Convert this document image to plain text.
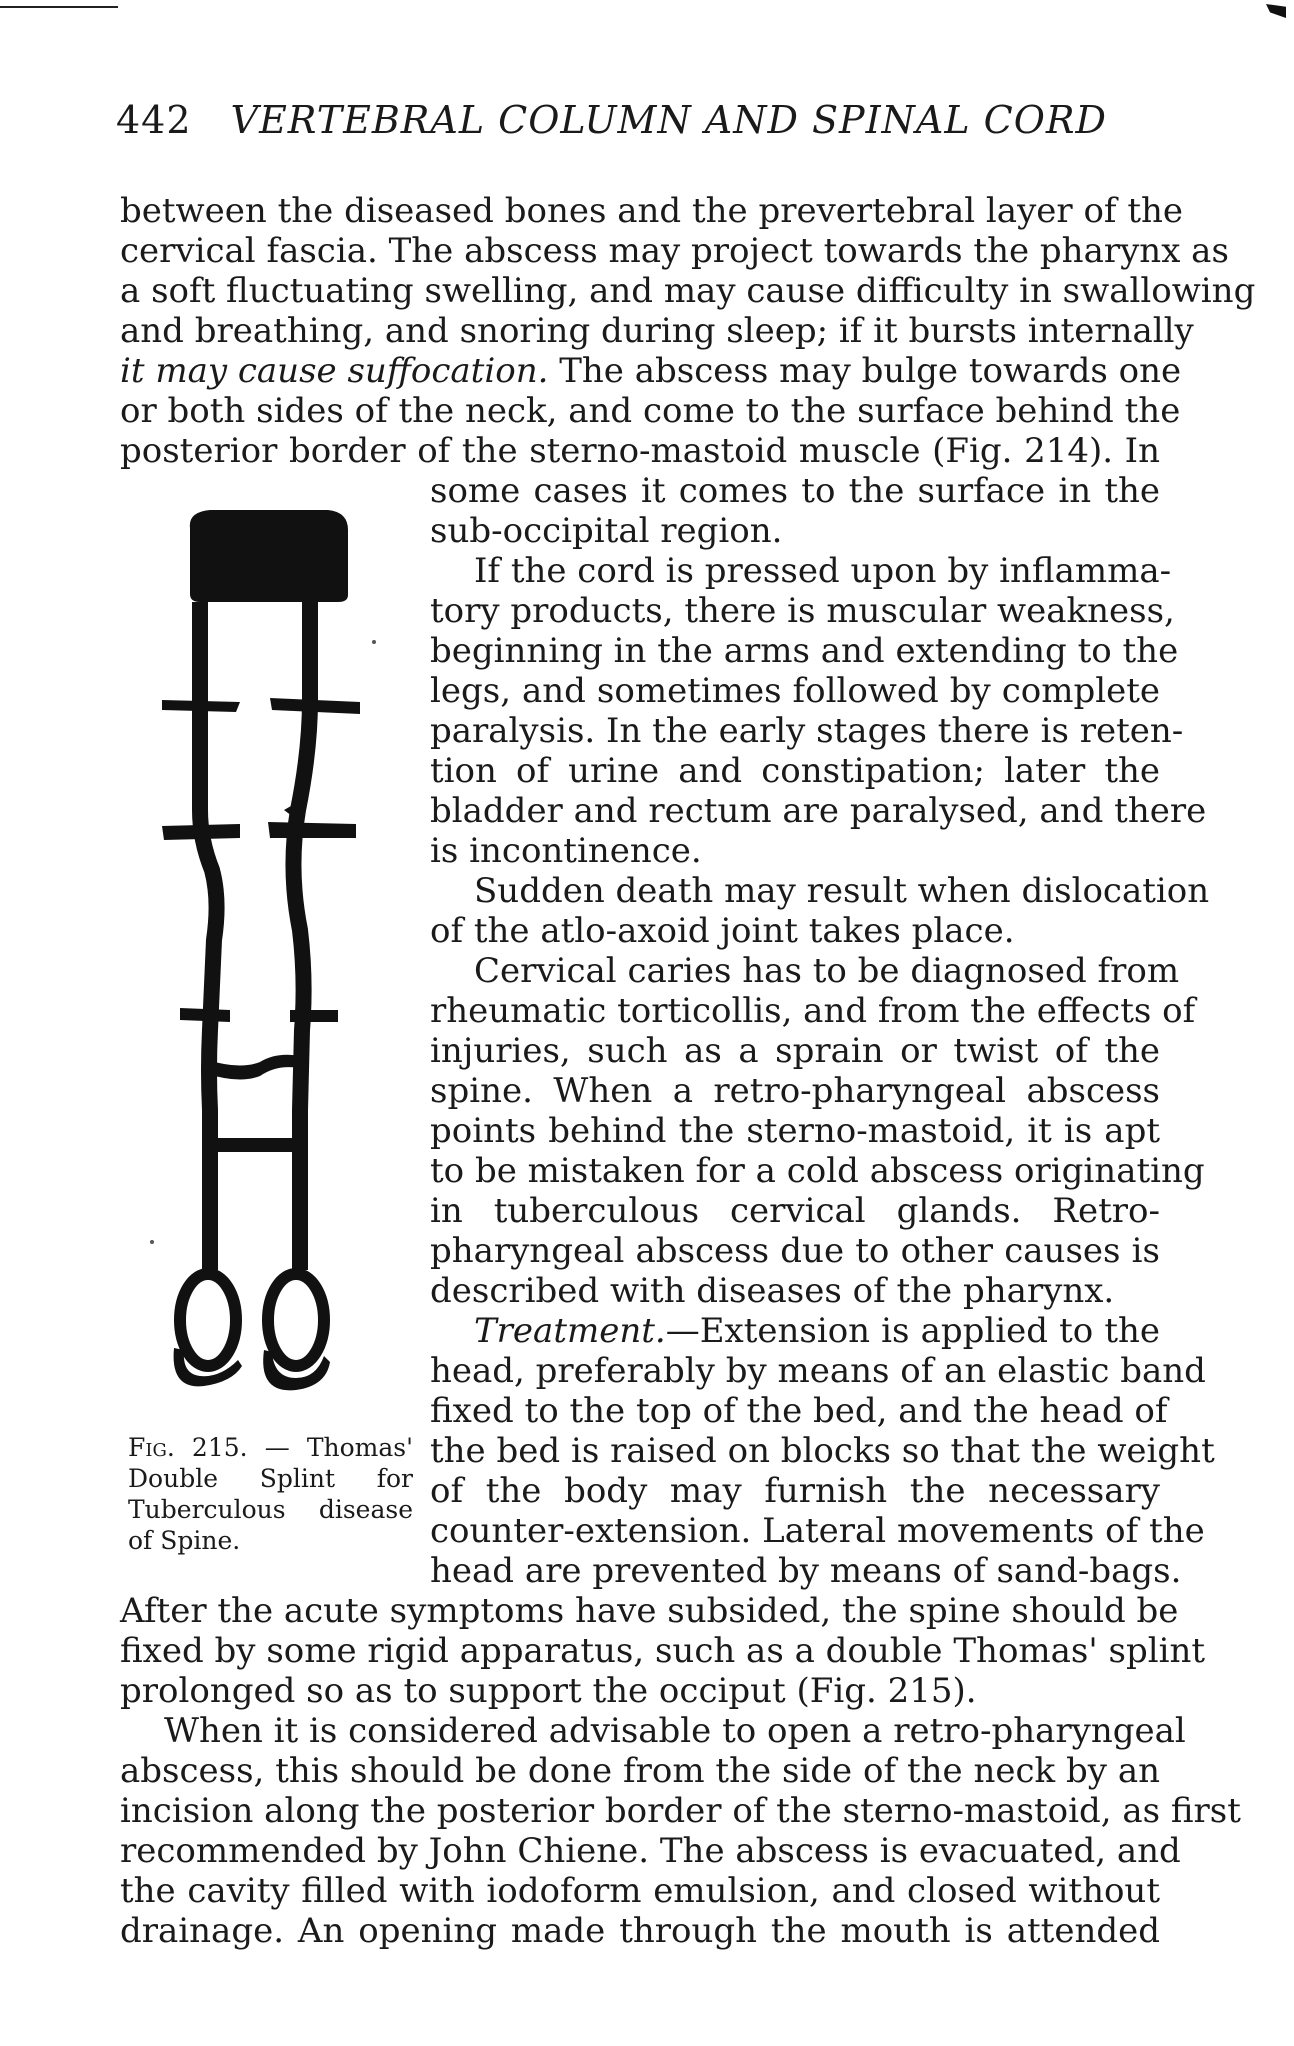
442 VERTEBRAL COLUMN AND SPINAL CORD
between the diseased bones and the prevertebral layer of the
cervical fascia. The abscess may project towards the pharynx as
a soft fluctuating swelling, and may cause difficulty in swallowing
and breathing, and snoring during sleep; if it bursts internally
it may cause suffocation. The abscess may bulge towards one
or both sides of the neck, and come to the surface behind the
posterior border of the sterno-mastoid muscle (Fig. 214). In
some cases it comes to the surface in the
sub-occipital region.
If the cord is pressed upon by inflamma-
tory products, there is muscular weakness,
beginning in the arms and extending to the
legs, and sometimes followed by complete
paralysis. In the early stages there is reten-
tion of urine and constipation; later the
bladder and rectum are paralysed, and there
is incontinence.
Sudden death may result when dislocation
of the atlo-axoid joint takes place.
Cervical caries has to be diagnosed from
rheumatic torticollis, and from the effects of
injuries, such as a sprain or twist of the
spine. When a retro-pharyngeal abscess
points behind the sterno-mastoid, it is apt
to be mistaken for a cold abscess originating
in tuberculous cervical glands. Retro-
pharyngeal abscess due to other causes is
described with diseases of the pharynx.
Treatment.—Extension is applied to the
head, preferably by means of an elastic band
fixed to the top of the bed, and the head of
the bed is raised on blocks so that the weight
of the body may furnish the necessary
counter-extension. Lateral movements of the
head are prevented by means of sand-bags.
After the acute symptoms have subsided, the spine should be
fixed by some rigid apparatus, such as a double Thomas' splint
prolonged so as to support the occiput (Fig. 215).
When it is considered advisable to open a retro-pharyngeal
abscess, this should be done from the side of the neck by an
incision along the posterior border of the sterno-mastoid, as first
recommended by John Chiene. The abscess is evacuated, and
the cavity filled with iodoform emulsion, and closed without
drainage. An opening made through the mouth is attended
Fig. 215. — Thomas'
Double Splint for
Tuberculous disease
of Spine.
